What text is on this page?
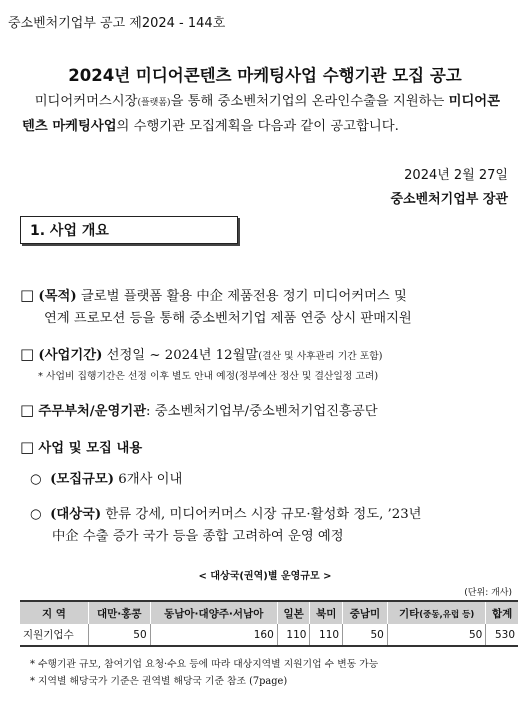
중소벤처기업부 공고 제2024 - 144호
2024년 미디어콘텐츠 마케팅사업 수행기관 모집 공고
미디어커머스시장(플랫폼)을 통해 중소벤처기업의 온라인수출을 지원하는 미디어콘텐츠 마케팅사업의 수행기관 모집계획을 다음과 같이 공고합니다.
2024년 2월 27일
중소벤처기업부 장관
1. 사업 개요
□ (목적) 글로벌 플랫폼 활용 中企 제품전용 정기 미디어커머스 및
연계 프로모션 등을 통해 중소벤처기업 제품 연중 상시 판매지원
□ (사업기간) 선정일 ~ 2024년 12월말(결산 및 사후관리 기간 포함)
* 사업비 집행기간은 선정 이후 별도 안내 예정(정부예산 정산 및 결산일정 고려)
□ 주무부처/운영기관: 중소벤처기업부/중소벤처기업진흥공단
□ 사업 및 모집 내용
○ (모집규모) 6개사 이내
○ (대상국) 한류 강세, 미디어커머스 시장 규모·활성화 정도, ’23년
中企 수출 증가 국가 등을 종합 고려하여 운영 예정
< 대상국(권역)별 운영규모 >
(단위: 개사)
지 역	대만·홍콩	동남아·대양주·서남아	일본	북미	중남미	기타(중동,유럽 등)	합계
지원기업수	50	160	110	110	50	50	530
* 수행기관 규모, 참여기업 요청·수요 등에 따라 대상지역별 지원기업 수 변동 가능
* 지역별 해당국가 기준은 권역별 해당국 기준 참조 (7page)
